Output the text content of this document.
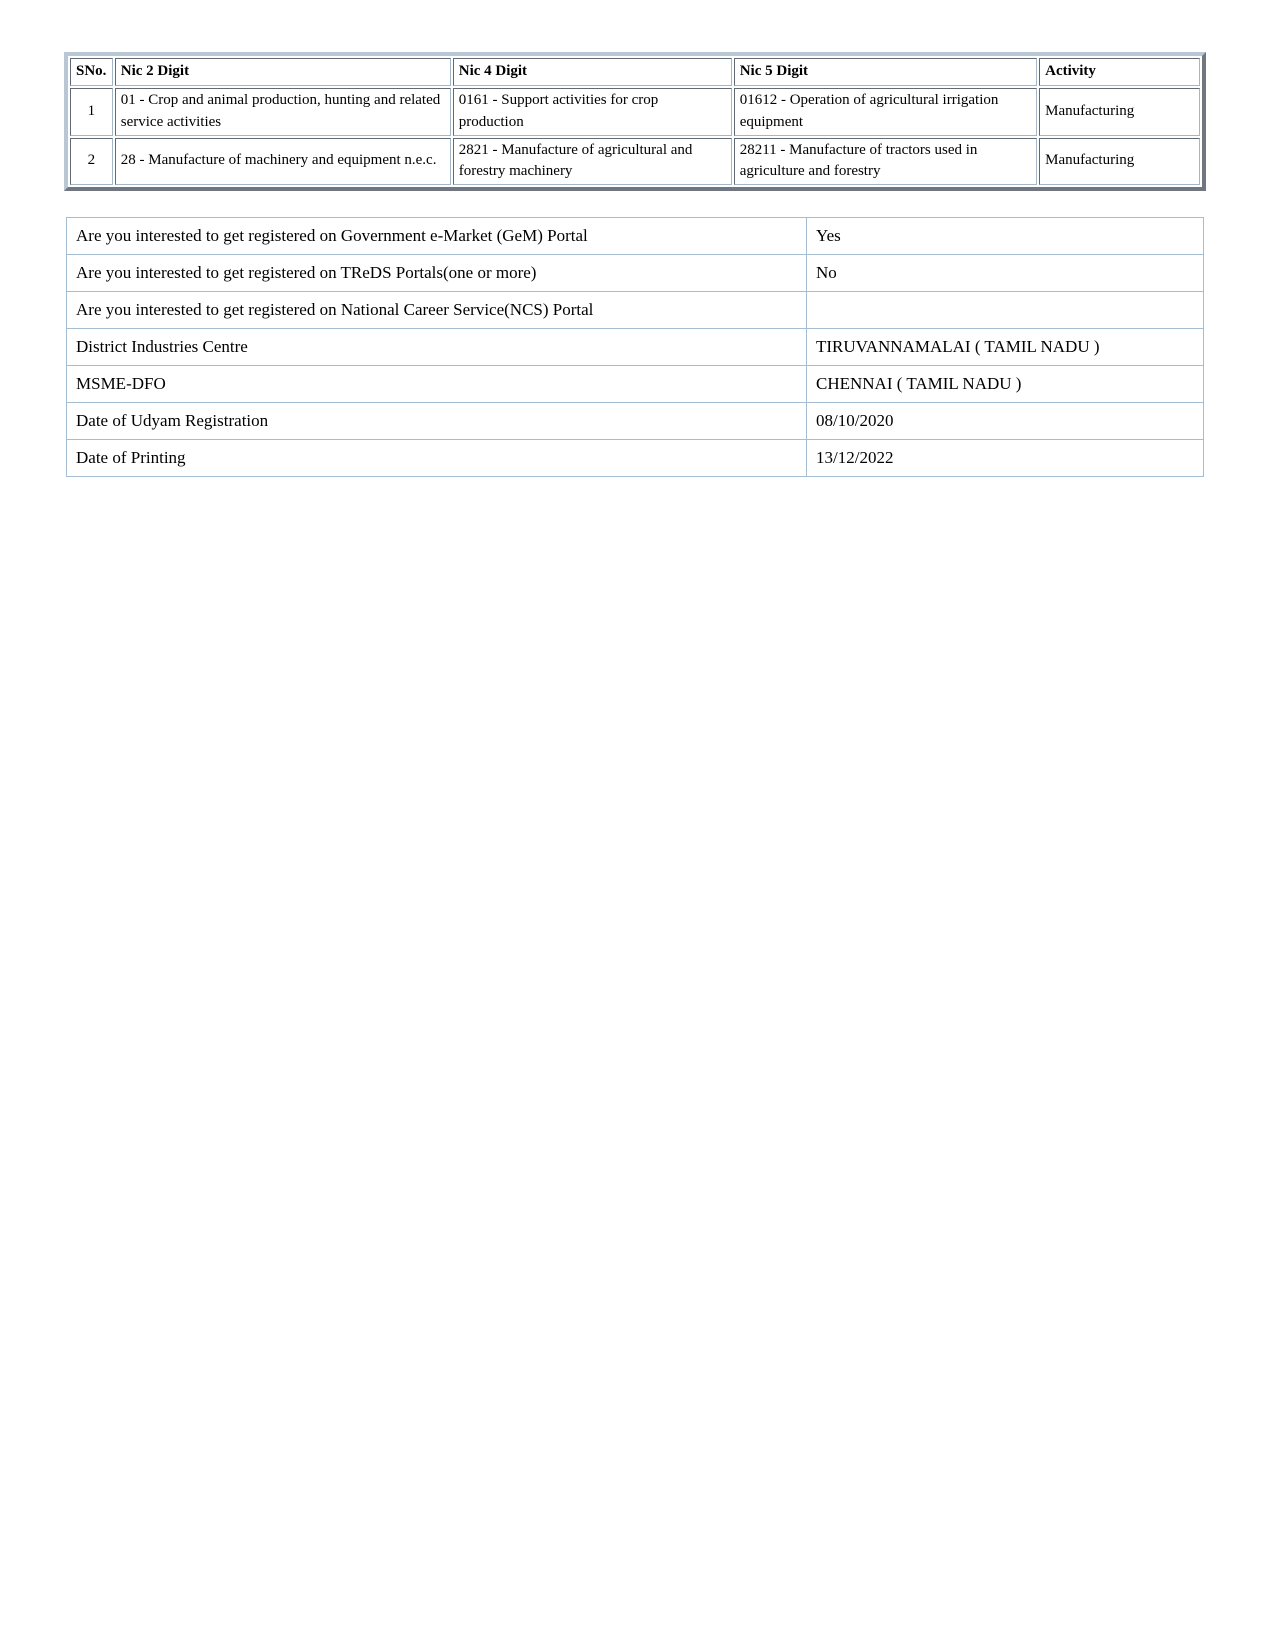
SNo.	Nic 2 Digit	Nic 4 Digit	Nic 5 Digit	Activity
1	01 - Crop and animal production, hunting and related service activities	0161 - Support activities for crop production	01612 - Operation of agricultural irrigation equipment	Manufacturing
2	28 - Manufacture of machinery and equipment n.e.c.	2821 - Manufacture of agricultural and forestry machinery	28211 - Manufacture of tractors used in agriculture and forestry	Manufacturing
Are you interested to get registered on Government e-Market (GeM) Portal	Yes
Are you interested to get registered on TReDS Portals(one or more)	No
Are you interested to get registered on National Career Service(NCS) Portal	
District Industries Centre	TIRUVANNAMALAI ( TAMIL NADU )
MSME-DFO	CHENNAI ( TAMIL NADU )
Date of Udyam Registration	08/10/2020
Date of Printing	13/12/2022
